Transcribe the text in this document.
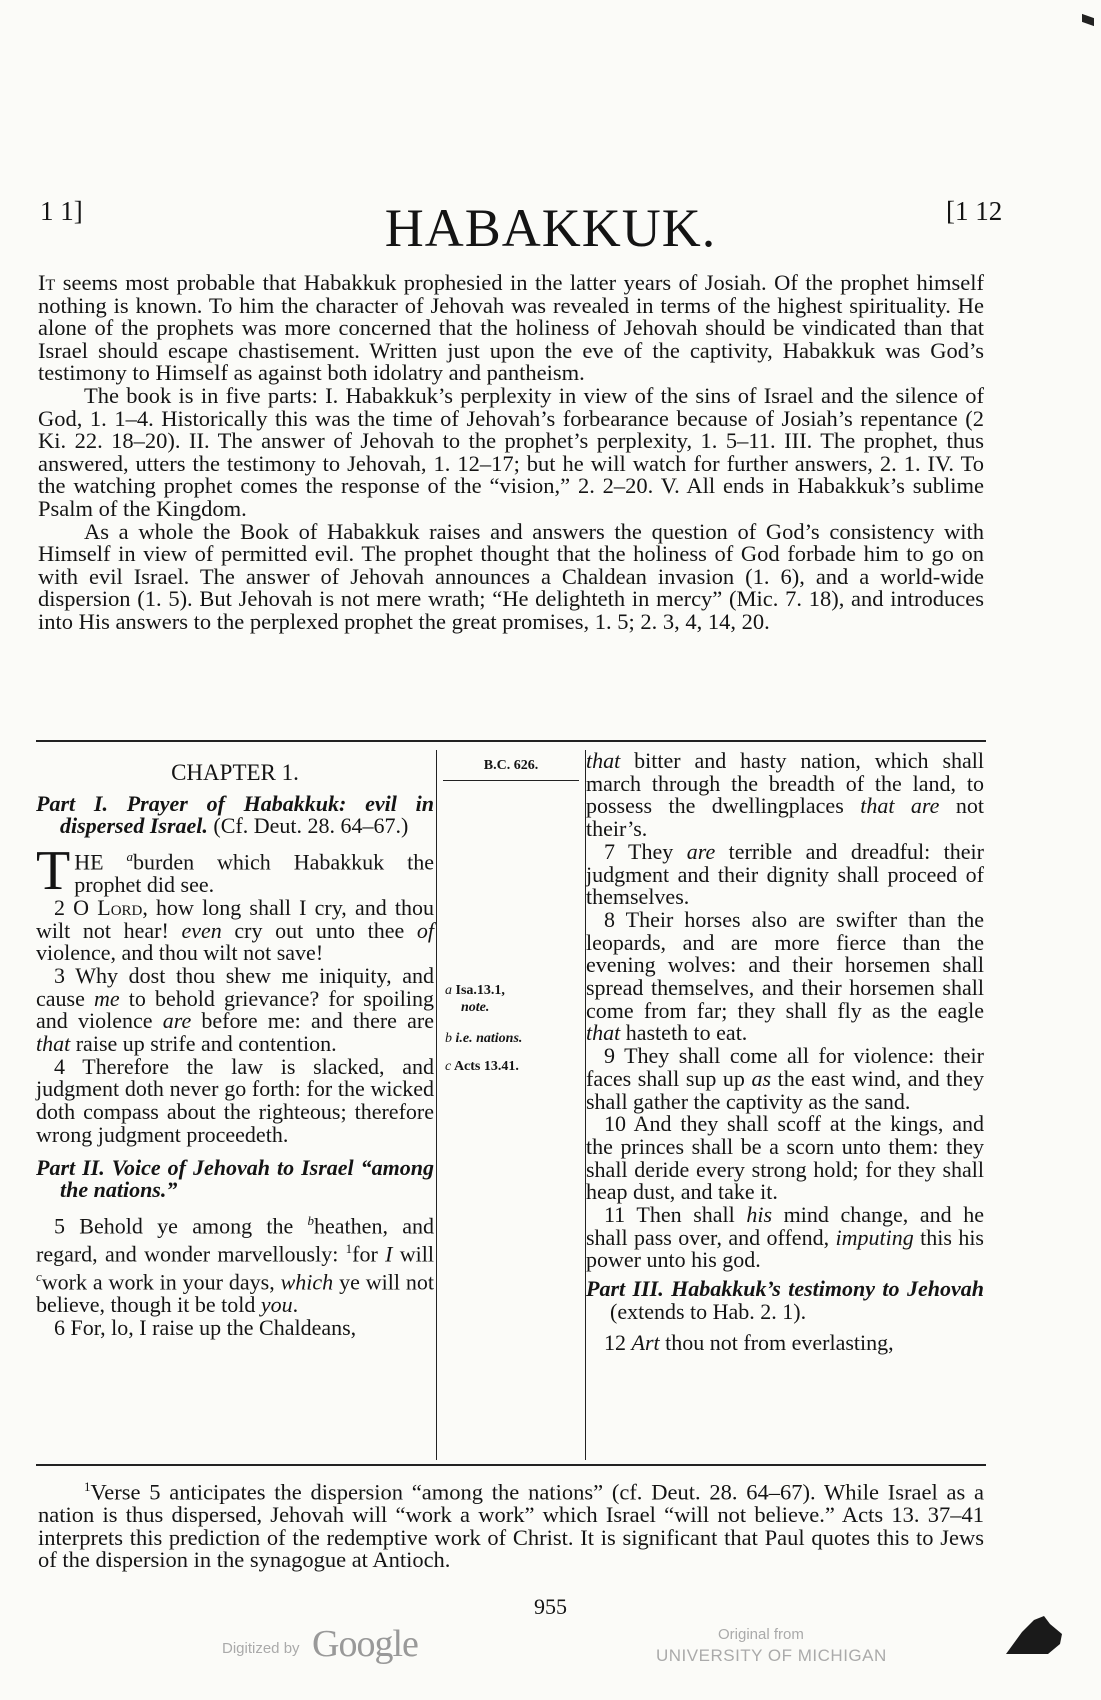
1 1]	HABAKKUK.	[1 12

It seems most probable that Habakkuk prophesied in the latter years of Josiah. Of the prophet himself nothing is known. To him the character of Jehovah was revealed in terms of the highest spirituality. He alone of the prophets was more concerned that the holiness of Jehovah should be vindicated than that Israel should escape chastisement. Written just upon the eve of the captivity, Habakkuk was God’s testimony to Himself as against both idolatry and pantheism.

The book is in five parts: I. Habakkuk’s perplexity in view of the sins of Israel and the silence of God, 1. 1–4. Historically this was the time of Jehovah’s forbearance because of Josiah’s repentance (2 Ki. 22. 18–20). II. The answer of Jehovah to the prophet’s perplexity, 1. 5–11. III. The prophet, thus answered, utters the testimony to Jehovah, 1. 12–17; but he will watch for further answers, 2. 1. IV. To the watching prophet comes the response of the “vision,” 2. 2–20. V. All ends in Habakkuk’s sublime Psalm of the Kingdom.

As a whole the Book of Habakkuk raises and answers the question of God’s consistency with Himself in view of permitted evil. The prophet thought that the holiness of God forbade him to go on with evil Israel. The answer of Jehovah announces a Chaldean invasion (1. 6), and a world-wide dispersion (1. 5). But Jehovah is not mere wrath; “He delighteth in mercy” (Mic. 7. 18), and introduces into His answers to the perplexed prophet the great promises, 1. 5; 2. 3, 4, 14, 20.

CHAPTER 1.

Part I. Prayer of Habakkuk: evil in dispersed Israel. (Cf. Deut. 28. 64–67.)

THE $^a$burden which Habakkuk the prophet did see.

2 O Lord, how long shall I cry, and thou wilt not hear! even cry out unto thee of violence, and thou wilt not save!

3 Why dost thou shew me iniquity, and cause me to behold grievance? for spoiling and violence are before me: and there are that raise up strife and contention.

4 Therefore the law is slacked, and judgment doth never go forth: for the wicked doth compass about the righteous; therefore wrong judgment proceedeth.

Part II. Voice of Jehovah to Israel “among the nations.”

5 Behold ye among the $^b$heathen, and regard, and wonder marvellously: $^1$for I will $^c$work a work in your days, which ye will not believe, though it be told you.

6 For, lo, I raise up the Chaldeans,

B.C. 626.
a Isa.13.1,
note.
b i.e. nations.
c Acts 13.41.

that bitter and hasty nation, which shall march through the breadth of the land, to possess the dwellingplaces that are not their’s.

7 They are terrible and dreadful: their judgment and their dignity shall proceed of themselves.

8 Their horses also are swifter than the leopards, and are more fierce than the evening wolves: and their horsemen shall spread themselves, and their horsemen shall come from far; they shall fly as the eagle that hasteth to eat.

9 They shall come all for violence: their faces shall sup up as the east wind, and they shall gather the captivity as the sand.

10 And they shall scoff at the kings, and the princes shall be a scorn unto them: they shall deride every strong hold; for they shall heap dust, and take it.

11 Then shall his mind change, and he shall pass over, and offend, imputing this his power unto his god.

Part III. Habakkuk’s testimony to Jehovah (extends to Hab. 2. 1).

12 Art thou not from everlasting,

$^1$Verse 5 anticipates the dispersion “among the nations” (cf. Deut. 28. 64–67). While Israel as a nation is thus dispersed, Jehovah will “work a work” which Israel “will not believe.” Acts 13. 37–41 interprets this prediction of the redemptive work of Christ. It is significant that Paul quotes this to Jews of the dispersion in the synagogue at Antioch.

955
Digitized by Google	Original from
UNIVERSITY OF MICHIGAN
